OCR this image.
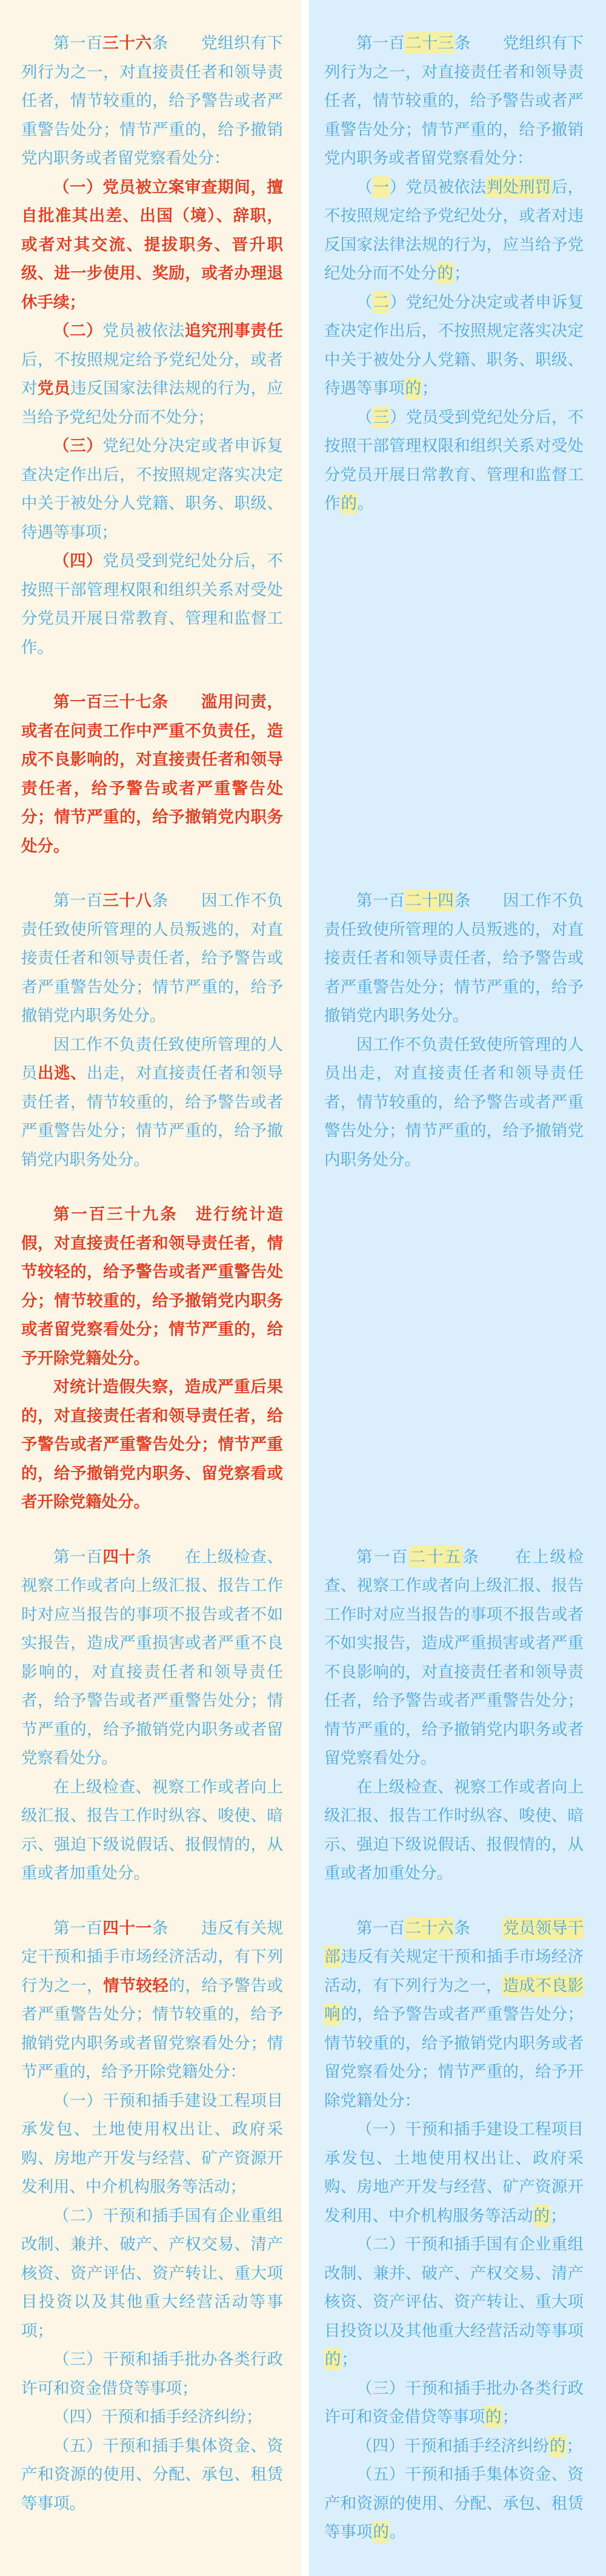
第一百三十六条　　党组织有下列行为之一，对直接责任者和领导责任者，情节较重的，给予警告或者严重警告处分；情节严重的，给予撤销党内职务或者留党察看处分：

（一）党员被立案审查期间，擅自批准其出差、出国（境）、辞职，或者对其交流、提拔职务、晋升职级、进一步使用、奖励，或者办理退休手续；

（二）党员被依法追究刑事责任后，不按照规定给予党纪处分，或者对党员违反国家法律法规的行为，应当给予党纪处分而不处分；

（三）党纪处分决定或者申诉复查决定作出后，不按照规定落实决定中关于被处分人党籍、职务、职级、待遇等事项；

（四）党员受到党纪处分后，不按照干部管理权限和组织关系对受处分党员开展日常教育、管理和监督工作。

第一百二十三条　　党组织有下列行为之一，对直接责任者和领导责任者，情节较重的，给予警告或者严重警告处分；情节严重的，给予撤销党内职务或者留党察看处分：

（一）党员被依法判处刑罚后，不按照规定给予党纪处分，或者对违反国家法律法规的行为，应当给予党纪处分而不处分的；

（二）党纪处分决定或者申诉复查决定作出后，不按照规定落实决定中关于被处分人党籍、职务、职级、待遇等事项的；

（三）党员受到党纪处分后，不按照干部管理权限和组织关系对受处分党员开展日常教育、管理和监督工作的。

第一百三十七条　　滥用问责，或者在问责工作中严重不负责任，造成不良影响的，对直接责任者和领导责任者，给予警告或者严重警告处分；情节严重的，给予撤销党内职务处分。

第一百三十八条　　因工作不负责任致使所管理的人员叛逃的，对直接责任者和领导责任者，给予警告或者严重警告处分；情节严重的，给予撤销党内职务处分。

因工作不负责任致使所管理的人员出逃、出走，对直接责任者和领导责任者，情节较重的，给予警告或者严重警告处分；情节严重的，给予撤销党内职务处分。

第一百二十四条　　因工作不负责任致使所管理的人员叛逃的，对直接责任者和领导责任者，给予警告或者严重警告处分；情节严重的，给予撤销党内职务处分。

因工作不负责任致使所管理的人员出走，对直接责任者和领导责任者，情节较重的，给予警告或者严重警告处分；情节严重的，给予撤销党内职务处分。

第一百三十九条　进行统计造假，对直接责任者和领导责任者，情节较轻的，给予警告或者严重警告处分；情节较重的，给予撤销党内职务或者留党察看处分；情节严重的，给予开除党籍处分。

对统计造假失察，造成严重后果的，对直接责任者和领导责任者，给予警告或者严重警告处分；情节严重的，给予撤销党内职务、留党察看或者开除党籍处分。

第一百四十条　　在上级检查、视察工作或者向上级汇报、报告工作时对应当报告的事项不报告或者不如实报告，造成严重损害或者严重不良影响的，对直接责任者和领导责任者，给予警告或者严重警告处分；情节严重的，给予撤销党内职务或者留党察看处分。

在上级检查、视察工作或者向上级汇报、报告工作时纵容、唆使、暗示、强迫下级说假话、报假情的，从重或者加重处分。

第一百二十五条　　在上级检查、视察工作或者向上级汇报、报告工作时对应当报告的事项不报告或者不如实报告，造成严重损害或者严重不良影响的，对直接责任者和领导责任者，给予警告或者严重警告处分；情节严重的，给予撤销党内职务或者留党察看处分。

在上级检查、视察工作或者向上级汇报、报告工作时纵容、唆使、暗示、强迫下级说假话、报假情的，从重或者加重处分。

第一百四十一条　　违反有关规定干预和插手市场经济活动，有下列行为之一，情节较轻的，给予警告或者严重警告处分；情节较重的，给予撤销党内职务或者留党察看处分；情节严重的，给予开除党籍处分：

（一）干预和插手建设工程项目承发包、土地使用权出让、政府采购、房地产开发与经营、矿产资源开发利用、中介机构服务等活动；

（二）干预和插手国有企业重组改制、兼并、破产、产权交易、清产核资、资产评估、资产转让、重大项目投资以及其他重大经营活动等事项；

（三）干预和插手批办各类行政许可和资金借贷等事项；

（四）干预和插手经济纠纷；

（五）干预和插手集体资金、资产和资源的使用、分配、承包、租赁等事项。

第一百二十六条　　党员领导干部违反有关规定干预和插手市场经济活动，有下列行为之一，造成不良影响的，给予警告或者严重警告处分；情节较重的，给予撤销党内职务或者留党察看处分；情节严重的，给予开除党籍处分：

（一）干预和插手建设工程项目承发包、土地使用权出让、政府采购、房地产开发与经营、矿产资源开发利用、中介机构服务等活动的；

（二）干预和插手国有企业重组改制、兼并、破产、产权交易、清产核资、资产评估、资产转让、重大项目投资以及其他重大经营活动等事项的；

（三）干预和插手批办各类行政许可和资金借贷等事项的；

（四）干预和插手经济纠纷的；

（五）干预和插手集体资金、资产和资源的使用、分配、承包、租赁等事项的。
